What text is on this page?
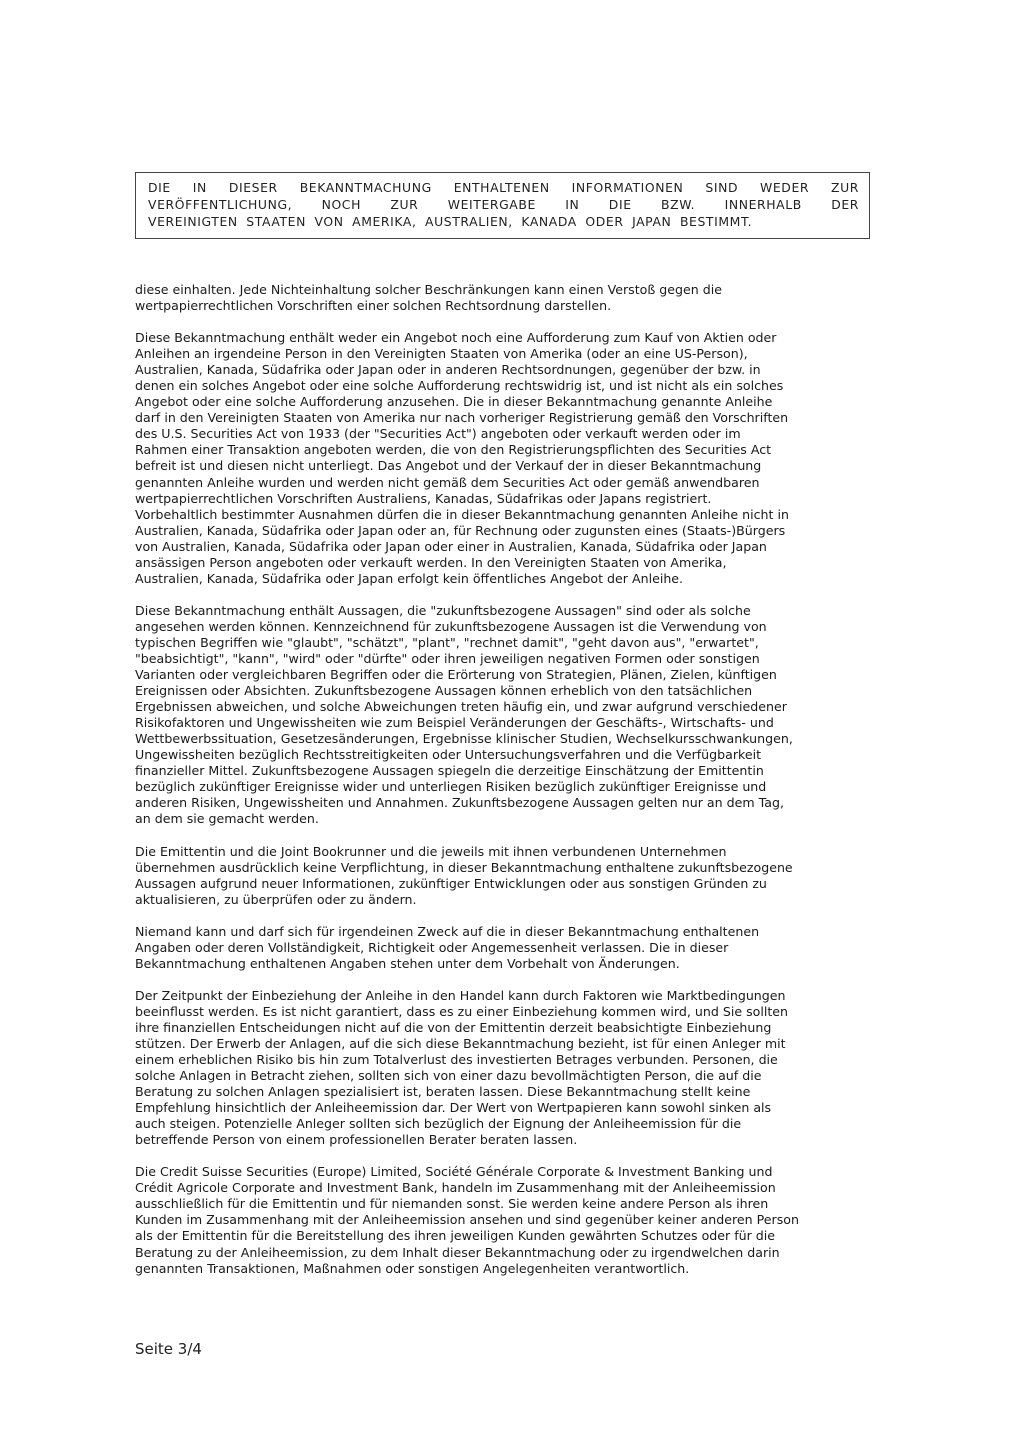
DIE IN DIESER BEKANNTMACHUNG ENTHALTENEN INFORMATIONEN SIND WEDER ZUR
VERÖFFENTLICHUNG, NOCH ZUR WEITERGABE IN DIE BZW. INNERHALB DER
VEREINIGTEN STAATEN VON AMERIKA, AUSTRALIEN, KANADA ODER JAPAN BESTIMMT.

diese einhalten. Jede Nichteinhaltung solcher Beschränkungen kann einen Verstoß gegen die
wertpapierrechtlichen Vorschriften einer solchen Rechtsordnung darstellen.

Diese Bekanntmachung enthält weder ein Angebot noch eine Aufforderung zum Kauf von Aktien oder
Anleihen an irgendeine Person in den Vereinigten Staaten von Amerika (oder an eine US-Person),
Australien, Kanada, Südafrika oder Japan oder in anderen Rechtsordnungen, gegenüber der bzw. in
denen ein solches Angebot oder eine solche Aufforderung rechtswidrig ist, und ist nicht als ein solches
Angebot oder eine solche Aufforderung anzusehen. Die in dieser Bekanntmachung genannte Anleihe
darf in den Vereinigten Staaten von Amerika nur nach vorheriger Registrierung gemäß den Vorschriften
des U.S. Securities Act von 1933 (der "Securities Act") angeboten oder verkauft werden oder im
Rahmen einer Transaktion angeboten werden, die von den Registrierungspflichten des Securities Act
befreit ist und diesen nicht unterliegt. Das Angebot und der Verkauf der in dieser Bekanntmachung
genannten Anleihe wurden und werden nicht gemäß dem Securities Act oder gemäß anwendbaren
wertpapierrechtlichen Vorschriften Australiens, Kanadas, Südafrikas oder Japans registriert.
Vorbehaltlich bestimmter Ausnahmen dürfen die in dieser Bekanntmachung genannten Anleihe nicht in
Australien, Kanada, Südafrika oder Japan oder an, für Rechnung oder zugunsten eines (Staats-)Bürgers
von Australien, Kanada, Südafrika oder Japan oder einer in Australien, Kanada, Südafrika oder Japan
ansässigen Person angeboten oder verkauft werden. In den Vereinigten Staaten von Amerika,
Australien, Kanada, Südafrika oder Japan erfolgt kein öffentliches Angebot der Anleihe.

Diese Bekanntmachung enthält Aussagen, die "zukunftsbezogene Aussagen" sind oder als solche
angesehen werden können. Kennzeichnend für zukunftsbezogene Aussagen ist die Verwendung von
typischen Begriffen wie "glaubt", "schätzt", "plant", "rechnet damit", "geht davon aus", "erwartet",
"beabsichtigt", "kann", "wird" oder "dürfte" oder ihren jeweiligen negativen Formen oder sonstigen
Varianten oder vergleichbaren Begriffen oder die Erörterung von Strategien, Plänen, Zielen, künftigen
Ereignissen oder Absichten. Zukunftsbezogene Aussagen können erheblich von den tatsächlichen
Ergebnissen abweichen, und solche Abweichungen treten häufig ein, und zwar aufgrund verschiedener
Risikofaktoren und Ungewissheiten wie zum Beispiel Veränderungen der Geschäfts-, Wirtschafts- und
Wettbewerbssituation, Gesetzesänderungen, Ergebnisse klinischer Studien, Wechselkursschwankungen,
Ungewissheiten bezüglich Rechtsstreitigkeiten oder Untersuchungsverfahren und die Verfügbarkeit
finanzieller Mittel. Zukunftsbezogene Aussagen spiegeln die derzeitige Einschätzung der Emittentin
bezüglich zukünftiger Ereignisse wider und unterliegen Risiken bezüglich zukünftiger Ereignisse und
anderen Risiken, Ungewissheiten und Annahmen. Zukunftsbezogene Aussagen gelten nur an dem Tag,
an dem sie gemacht werden.

Die Emittentin und die Joint Bookrunner und die jeweils mit ihnen verbundenen Unternehmen
übernehmen ausdrücklich keine Verpflichtung, in dieser Bekanntmachung enthaltene zukunftsbezogene
Aussagen aufgrund neuer Informationen, zukünftiger Entwicklungen oder aus sonstigen Gründen zu
aktualisieren, zu überprüfen oder zu ändern.

Niemand kann und darf sich für irgendeinen Zweck auf die in dieser Bekanntmachung enthaltenen
Angaben oder deren Vollständigkeit, Richtigkeit oder Angemessenheit verlassen. Die in dieser
Bekanntmachung enthaltenen Angaben stehen unter dem Vorbehalt von Änderungen.

Der Zeitpunkt der Einbeziehung der Anleihe in den Handel kann durch Faktoren wie Marktbedingungen
beeinflusst werden. Es ist nicht garantiert, dass es zu einer Einbeziehung kommen wird, und Sie sollten
ihre finanziellen Entscheidungen nicht auf die von der Emittentin derzeit beabsichtigte Einbeziehung
stützen. Der Erwerb der Anlagen, auf die sich diese Bekanntmachung bezieht, ist für einen Anleger mit
einem erheblichen Risiko bis hin zum Totalverlust des investierten Betrages verbunden. Personen, die
solche Anlagen in Betracht ziehen, sollten sich von einer dazu bevollmächtigten Person, die auf die
Beratung zu solchen Anlagen spezialisiert ist, beraten lassen. Diese Bekanntmachung stellt keine
Empfehlung hinsichtlich der Anleiheemission dar. Der Wert von Wertpapieren kann sowohl sinken als
auch steigen. Potenzielle Anleger sollten sich bezüglich der Eignung der Anleiheemission für die
betreffende Person von einem professionellen Berater beraten lassen.

Die Credit Suisse Securities (Europe) Limited, Société Générale Corporate & Investment Banking und
Crédit Agricole Corporate and Investment Bank, handeln im Zusammenhang mit der Anleiheemission
ausschließlich für die Emittentin und für niemanden sonst. Sie werden keine andere Person als ihren
Kunden im Zusammenhang mit der Anleiheemission ansehen und sind gegenüber keiner anderen Person
als der Emittentin für die Bereitstellung des ihren jeweiligen Kunden gewährten Schutzes oder für die
Beratung zu der Anleiheemission, zu dem Inhalt dieser Bekanntmachung oder zu irgendwelchen darin
genannten Transaktionen, Maßnahmen oder sonstigen Angelegenheiten verantwortlich.

Seite 3/4
